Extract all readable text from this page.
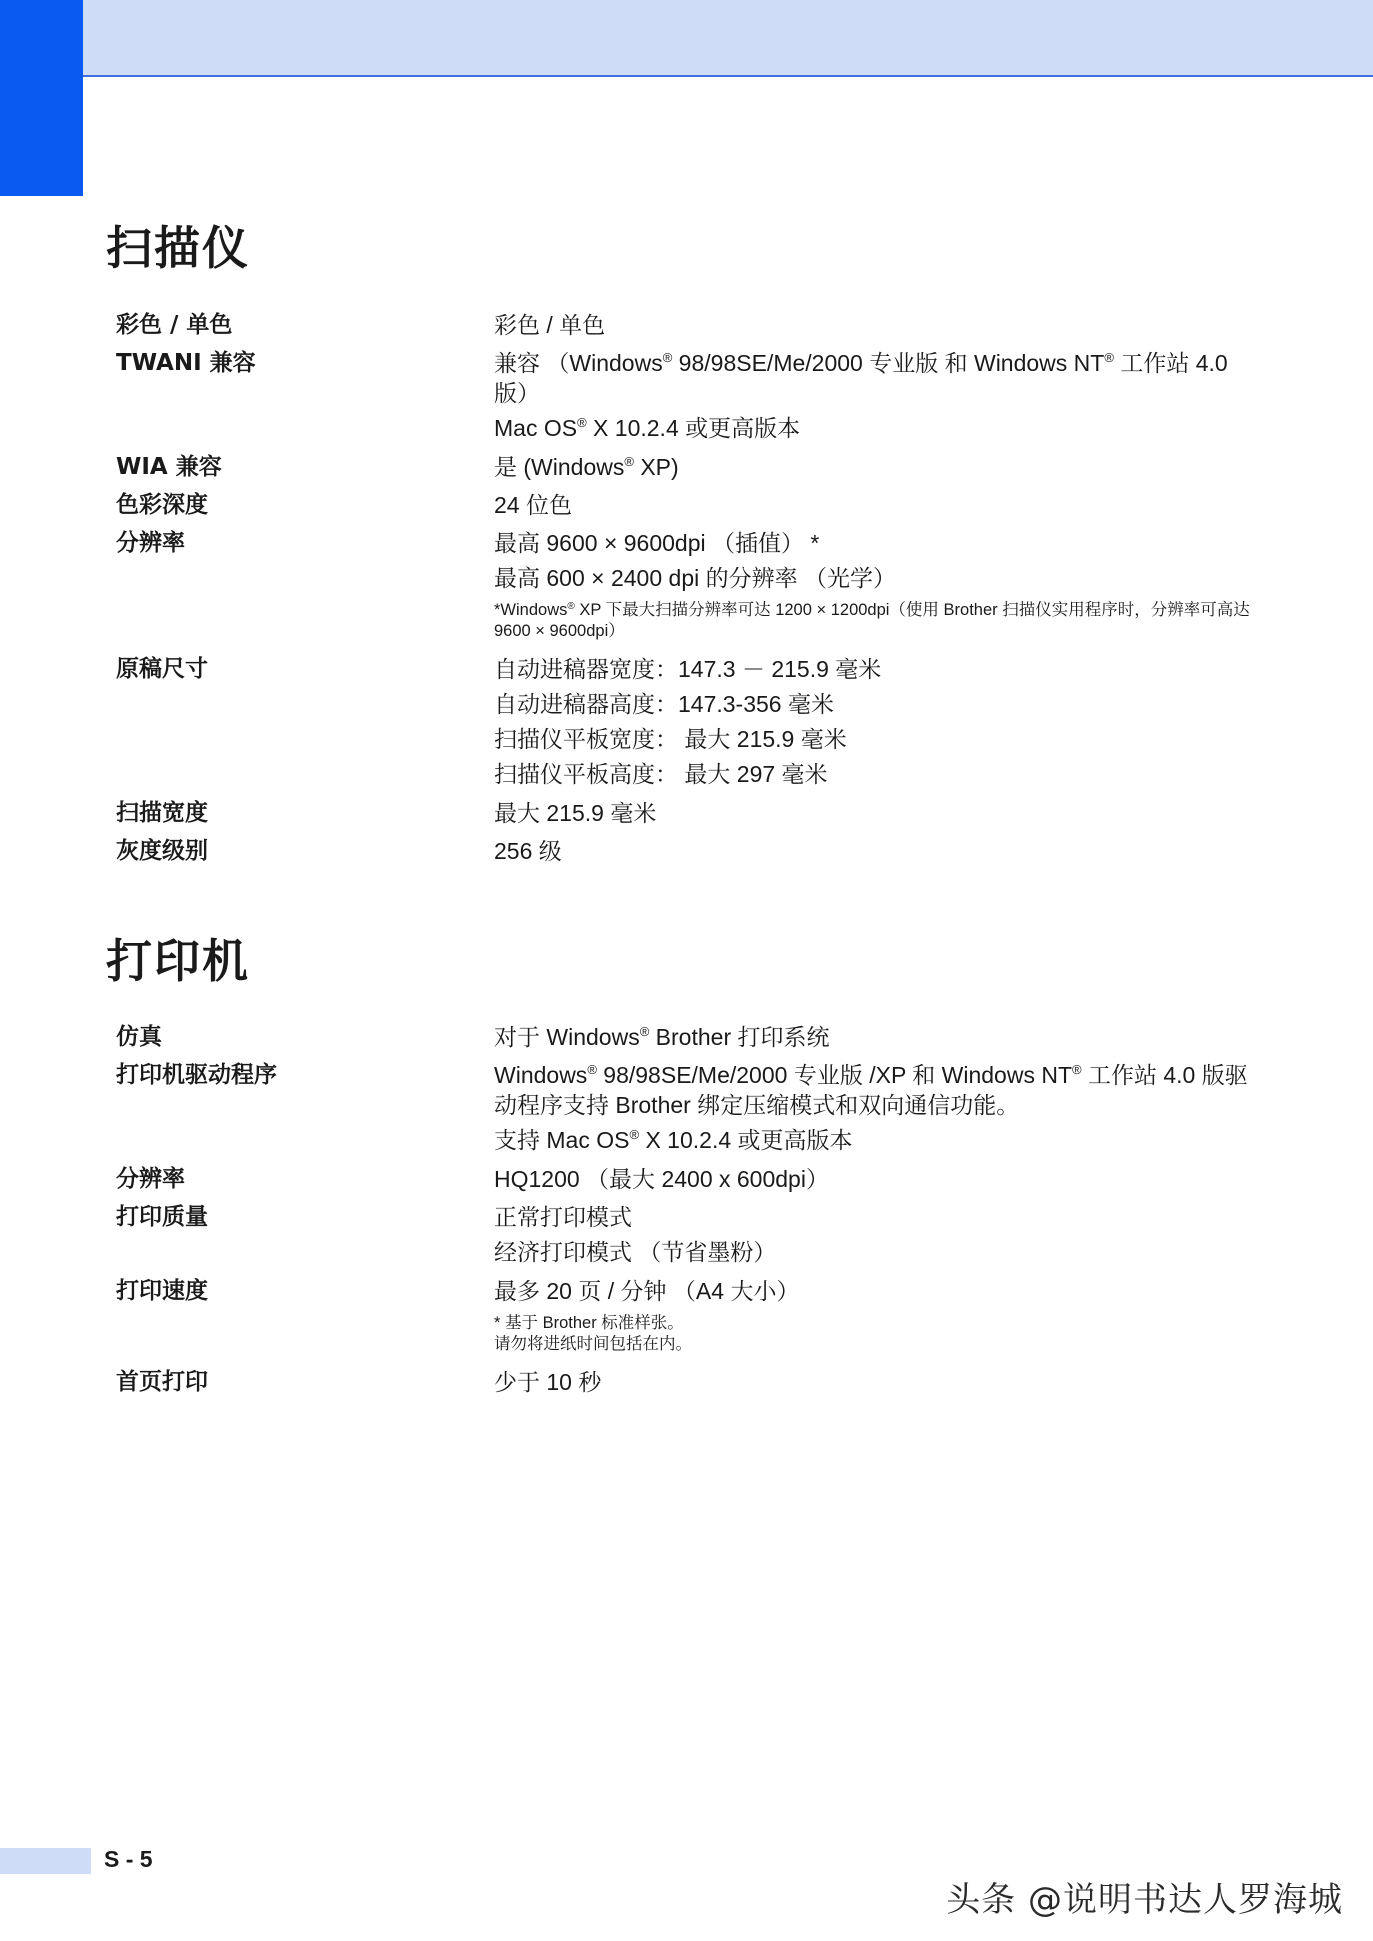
扫描仪
彩色 / 单色	彩色 / 单色
TWANI 兼容	兼容 （Windows® 98/98SE/Me/2000 专业版 和 Windows NT® 工作站 4.0 版）
Mac OS® X 10.2.4 或更高版本
WIA 兼容	是 (Windows® XP)
色彩深度	24 位色
分辨率	最高 9600 × 9600dpi （插值） *
最高 600 × 2400 dpi 的分辨率 （光学）
*Windows® XP 下最大扫描分辨率可达 1200 × 1200dpi（使用 Brother 扫描仪实用程序时，分辨率可高达 9600 × 9600dpi）
原稿尺寸	自动进稿器宽度：147.3 － 215.9 毫米
自动进稿器高度：147.3-356 毫米
扫描仪平板宽度： 最大 215.9 毫米
扫描仪平板高度： 最大 297 毫米
扫描宽度	最大 215.9 毫米
灰度级别	256 级
打印机
仿真	对于 Windows® Brother 打印系统
打印机驱动程序	Windows® 98/98SE/Me/2000 专业版 /XP 和 Windows NT® 工作站 4.0 版驱动程序支持 Brother 绑定压缩模式和双向通信功能。
支持 Mac OS® X 10.2.4 或更高版本
分辨率	HQ1200 （最大 2400 x 600dpi）
打印质量	正常打印模式
经济打印模式 （节省墨粉）
打印速度	最多 20 页 / 分钟 （A4 大小）
* 基于 Brother 标准样张。
请勿将进纸时间包括在内。
首页打印	少于 10 秒
S - 5
头条 @说明书达人罗海城
